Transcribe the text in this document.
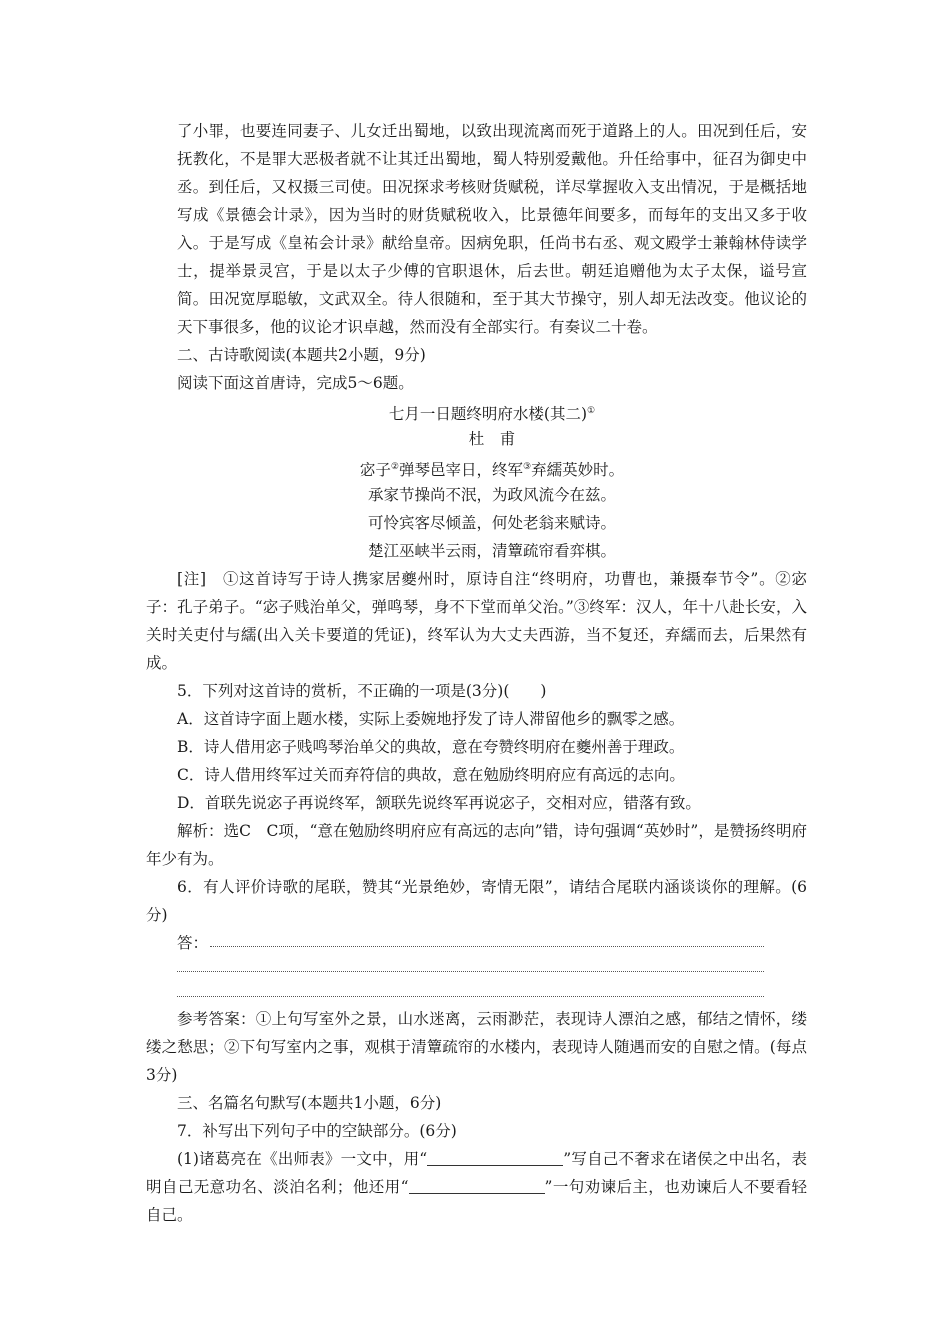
了小罪，也要连同妻子、儿女迁出蜀地，以致出现流离而死于道路上的人。田况到任后，安抚教化，不是罪大恶极者就不让其迁出蜀地，蜀人特别爱戴他。升任给事中，征召为御史中丞。到任后，又权摄三司使。田况探求考核财货赋税，详尽掌握收入支出情况，于是概括地写成《景德会计录》，因为当时的财货赋税收入，比景德年间要多，而每年的支出又多于收入。于是写成《皇祐会计录》献给皇帝。因病免职，任尚书右丞、观文殿学士兼翰林侍读学士，提举景灵宫，于是以太子少傅的官职退休，后去世。朝廷追赠他为太子太保，谥号宣简。田况宽厚聪敏，文武双全。待人很随和，至于其大节操守，别人却无法改变。他议论的天下事很多，他的议论才识卓越，然而没有全部实行。有奏议二十卷。

二、古诗歌阅读(本题共2小题，9分)

阅读下面这首唐诗，完成5～6题。

七月一日题终明府水楼(其二)①
杜　甫
宓子②弹琴邑宰日，终军③弃繻英妙时。
承家节操尚不泯，为政风流今在兹。
可怜宾客尽倾盖，何处老翁来赋诗。
楚江巫峡半云雨，清簟疏帘看弈棋。

[注]　①这首诗写于诗人携家居夔州时，原诗自注“终明府，功曹也，兼摄奉节令”。②宓子：孔子弟子。“宓子贱治单父，弹鸣琴，身不下堂而单父治。”③终军：汉人，年十八赴长安，入关时关吏付与繻(出入关卡要道的凭证)，终军认为大丈夫西游，当不复还，弃繻而去，后果然有成。

5．下列对这首诗的赏析，不正确的一项是(3分)(　　)

A．这首诗字面上题水楼，实际上委婉地抒发了诗人滞留他乡的飘零之感。

B．诗人借用宓子贱鸣琴治单父的典故，意在夸赞终明府在夔州善于理政。

C．诗人借用终军过关而弃符信的典故，意在勉励终明府应有高远的志向。

D．首联先说宓子再说终军，颔联先说终军再说宓子，交相对应，错落有致。

解析：选C　C项，“意在勉励终明府应有高远的志向”错，诗句强调“英妙时”，是赞扬终明府年少有为。

6．有人评价诗歌的尾联，赞其“光景绝妙，寄情无限”，请结合尾联内涵谈谈你的理解。(6分)

答：

参考答案：①上句写室外之景，山水迷离，云雨渺茫，表现诗人漂泊之感，郁结之情怀，缕缕之愁思；②下句写室内之事，观棋于清簟疏帘的水楼内，表现诗人随遇而安的自慰之情。(每点3分)

三、名篇名句默写(本题共1小题，6分)

7．补写出下列句子中的空缺部分。(6分)

(1)诸葛亮在《出师表》一文中，用“	”写自己不奢求在诸侯之中出名，表明自己无意功名、淡泊名利；他还用“	”一句劝谏后主，也劝谏后人不要看轻自己。
